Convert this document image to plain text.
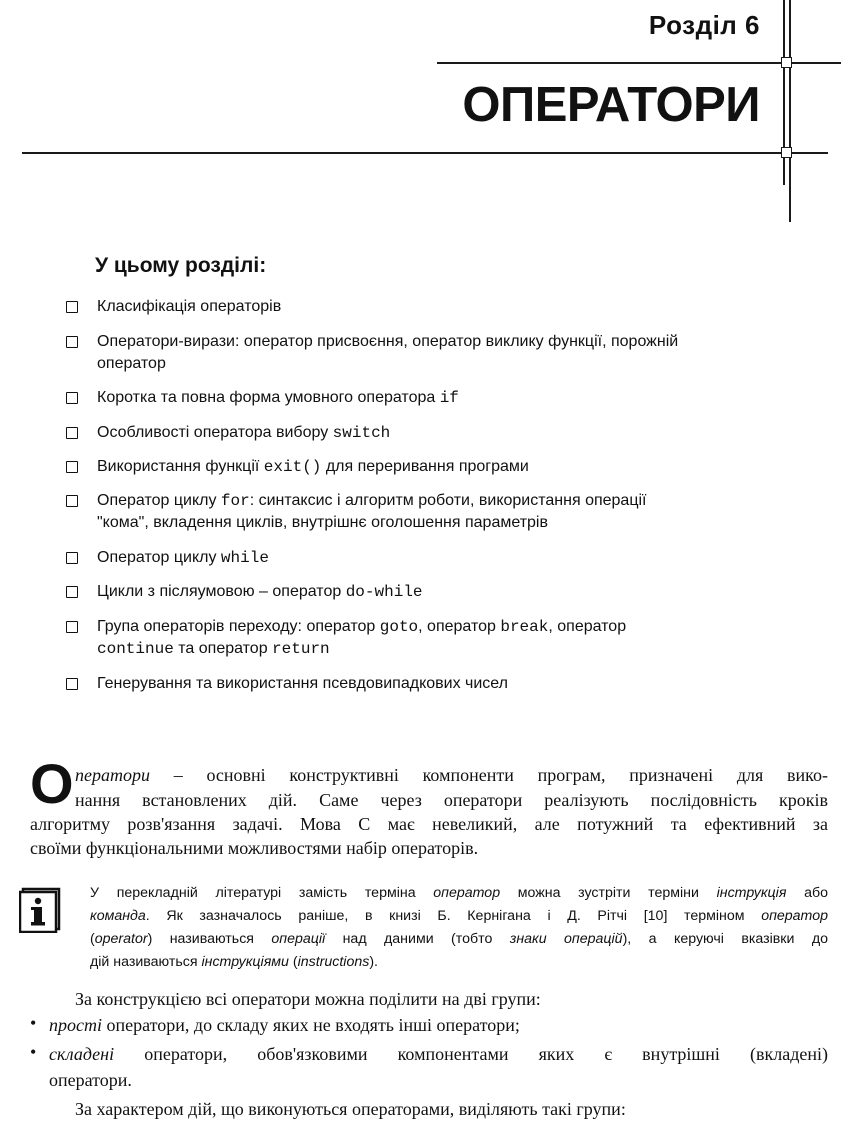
Розділ 6
ОПЕРАТОРИ
У цьому розділі:
Класифікація операторів
Оператори-вирази: оператор присвоєння, оператор виклику функції, порожній
оператор
Коротка та повна форма умовного оператора if
Особливості оператора вибору switch
Використання функції exit() для переривання програми
Оператор циклу for: синтаксис і алгоритм роботи, використання операції
"кома", вкладення циклів, внутрішнє оголошення параметрів
Оператор циклу while
Цикли з післяумовою – оператор do-while
Група операторів переходу: оператор goto, оператор break, оператор
continue та оператор return
Генерування та використання псевдовипадкових чисел
О ператори – основні конструктивні компоненти програм, призначені для вико-
нання встановлених дій. Саме через оператори реалізують послідовність кроків
алгоритму розв'язання задачі. Мова С має невеликий, але потужний та ефективний за
своїми функціональними можливостями набір операторів.
У перекладній літературі замість терміна оператор можна зустріти терміни інструкція або
команда. Як зазначалось раніше, в книзі Б. Кернігана і Д. Рітчі [10] терміном оператор
(operator) називаються операції над даними (тобто знаки операцій), а керуючі вказівки до
дій називаються інструкціями (instructions).
За конструкцією всі оператори можна поділити на дві групи:
• прості оператори, до складу яких не входять інші оператори;
• складені оператори, обов'язковими компонентами яких є внутрішні (вкладені)
оператори.
За характером дій, що виконуються операторами, виділяють такі групи:
